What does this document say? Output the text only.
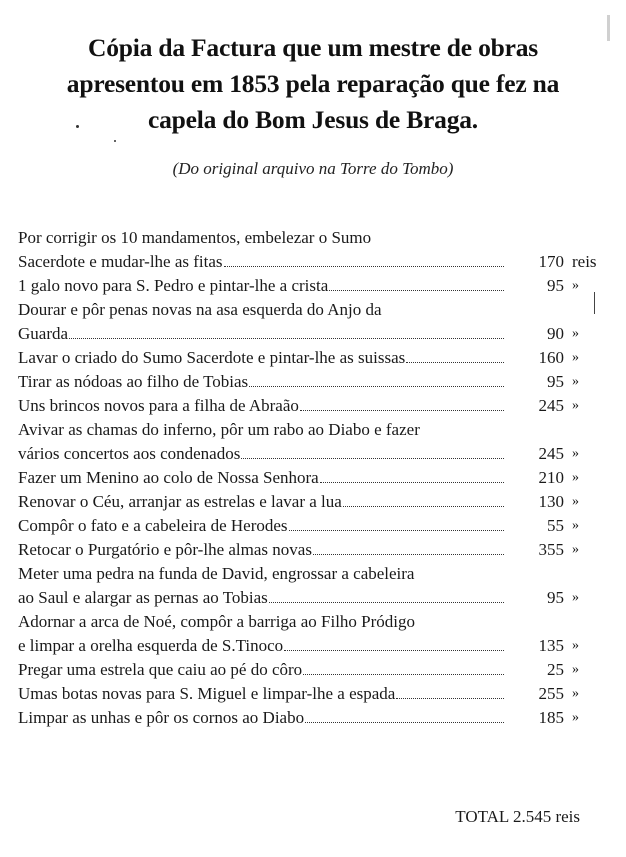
Cópia da Factura que um mestre de obras
apresentou em 1853 pela reparação que fez na
capela do Bom Jesus de Braga.
(Do original arquivo na Torre do Tombo)
Por corrigir os 10 mandamentos, embelezar o Sumo
Sacerdote e mudar-lhe as fitas	170 reis
1 galo novo para S. Pedro e pintar-lhe a crista	95 »
Dourar e pôr penas novas na asa esquerda do Anjo da
Guarda	90 »
Lavar o criado do Sumo Sacerdote e pintar-lhe as suissas	160 »
Tirar as nódoas ao filho de Tobias	95 »
Uns brincos novos para a filha de Abraão	245 »
Avivar as chamas do inferno, pôr um rabo ao Diabo e fazer
vários concertos aos condenados	245 »
Fazer um Menino ao colo de Nossa Senhora	210 »
Renovar o Céu, arranjar as estrelas e lavar a lua	130 »
Compôr o fato e a cabeleira de Herodes	55 »
Retocar o Purgatório e pôr-lhe almas novas	355 »
Meter uma pedra na funda de David, engrossar a cabeleira
ao Saul e alargar as pernas ao Tobias	95 »
Adornar a arca de Noé, compôr a barriga ao Filho Pródigo
e limpar a orelha esquerda de S.Tinoco	135 »
Pregar uma estrela que caiu ao pé do côro	25 »
Umas botas novas para S. Miguel e limpar-lhe a espada	255 »
Limpar as unhas e pôr os cornos ao Diabo	185 »
TOTAL 2.545 reis
